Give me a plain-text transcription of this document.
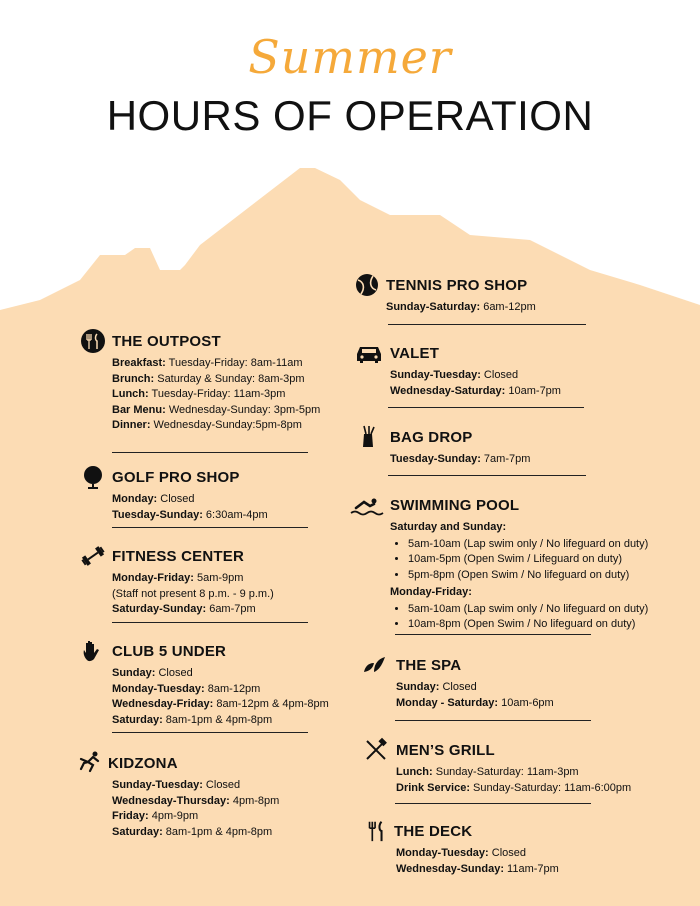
Summer
HOURS OF OPERATION
THE OUTPOST
Breakfast: Tuesday-Friday: 8am-11am
Brunch: Saturday & Sunday: 8am-3pm
Lunch: Tuesday-Friday: 11am-3pm
Bar Menu: Wednesday-Sunday: 3pm-5pm
Dinner: Wednesday-Sunday:5pm-8pm
GOLF PRO SHOP
Monday: Closed
Tuesday-Sunday: 6:30am-4pm
FITNESS CENTER
Monday-Friday: 5am-9pm
(Staff not present 8 p.m. - 9 p.m.)
Saturday-Sunday: 6am-7pm
CLUB 5 UNDER
Sunday: Closed
Monday-Tuesday: 8am-12pm
Wednesday-Friday: 8am-12pm & 4pm-8pm
Saturday: 8am-1pm & 4pm-8pm
KIDZONA
Sunday-Tuesday: Closed
Wednesday-Thursday: 4pm-8pm
Friday: 4pm-9pm
Saturday: 8am-1pm & 4pm-8pm
TENNIS PRO SHOP
Sunday-Saturday: 6am-12pm
VALET
Sunday-Tuesday: Closed
Wednesday-Saturday: 10am-7pm
BAG DROP
Tuesday-Sunday: 7am-7pm
SWIMMING POOL
Saturday and Sunday:
• 5am-10am (Lap swim only / No lifeguard on duty)
• 10am-5pm (Open Swim / Lifeguard on duty)
• 5pm-8pm (Open Swim / No lifeguard on duty)
Monday-Friday:
• 5am-10am (Lap swim only / No lifeguard on duty)
• 10am-8pm (Open Swim / No lifeguard on duty)
THE SPA
Sunday: Closed
Monday - Saturday: 10am-6pm
MEN’S GRILL
Lunch: Sunday-Saturday: 11am-3pm
Drink Service: Sunday-Saturday: 11am-6:00pm
THE DECK
Monday-Tuesday: Closed
Wednesday-Sunday: 11am-7pm
